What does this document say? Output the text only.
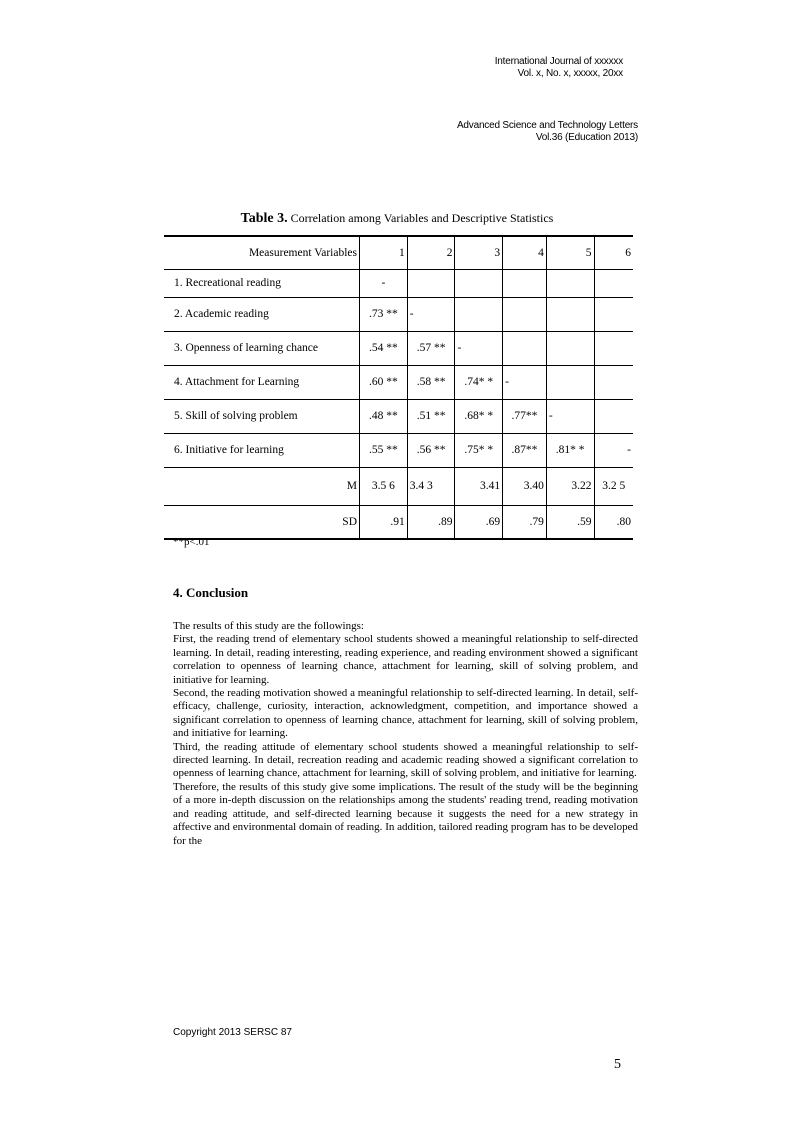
International Journal of xxxxxx
Vol. x, No. x, xxxxx, 20xx
Advanced Science and Technology Letters
Vol.36 (Education 2013)
Table 3. Correlation among Variables and Descriptive Statistics
Measurement Variables	1	2	3	4	5	6
1. Recreational reading	-					
2. Academic reading	.73 **	-				
3. Openness of learning chance	.54 **	.57 **	-			
4. Attachment for Learning	.60 **	.58 **	.74* *	-		
5. Skill of solving problem	.48 **	.51 **	.68* *	.77**	-	
6. Initiative for learning	.55 **	.56 **	.75* *	.87**	.81* *	-
M	3.5 6	3.4 3	3.41	3.40	3.22	3.2 5
SD	.91	.89	.69	.79	.59	.80
**p<.01
4. Conclusion

The results of this study are the followings:

First, the reading trend of elementary school students showed a meaningful relationship to self-directed learning. In detail, reading interesting, reading experience, and reading environment showed a significant correlation to openness of learning chance, attachment for learning, skill of solving problem, and initiative for learning.

Second, the reading motivation showed a meaningful relationship to self-directed learning. In detail, self- efficacy, challenge, curiosity, interaction, acknowledgment, competition, and importance showed a significant correlation to openness of learning chance, attachment for learning, skill of solving problem, and initiative for learning.

Third, the reading attitude of elementary school students showed a meaningful relationship to self-directed learning. In detail, recreation reading and academic reading showed a significant correlation to openness of learning chance, attachment for learning, skill of solving problem, and initiative for learning.

Therefore, the results of this study give some implications. The result of the study will be the beginning of a more in-depth discussion on the relationships among the students' reading trend, reading motivation and reading attitude, and self-directed learning because it suggests the need for a new strategy in affective and environmental domain of reading. In addition, tailored reading program has to be developed for the

Copyright 2013 SERSC 87
5
